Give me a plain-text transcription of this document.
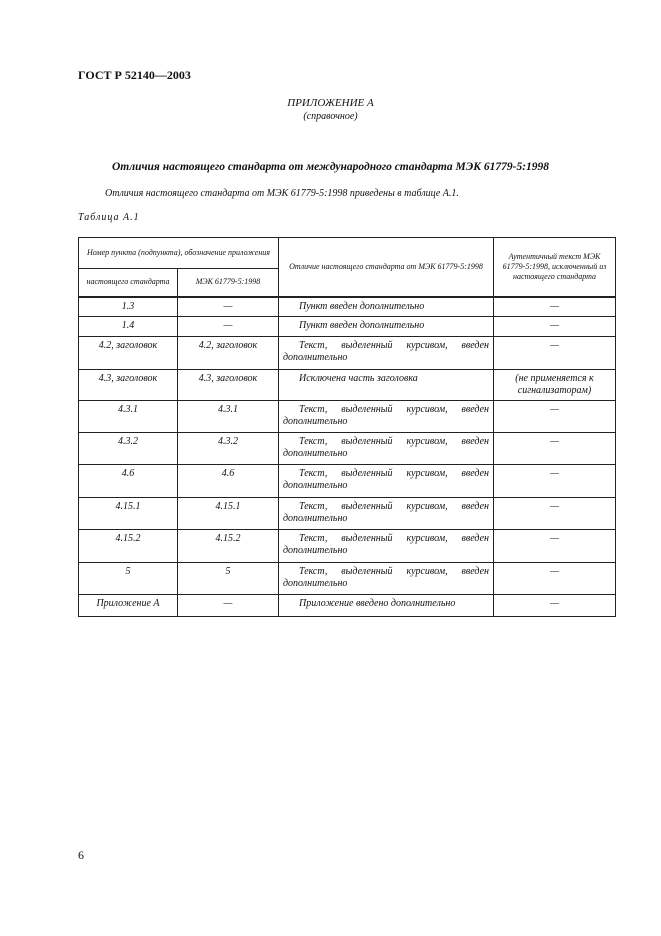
ГОСТ Р 52140—2003
ПРИЛОЖЕНИЕ А
(справочное)
Отличия настоящего стандарта от международного стандарта МЭК 61779-5:1998
Отличия настоящего стандарта от МЭК 61779-5:1998 приведены в таблице А.1.
Таблица А.1
Номер пункта (подпункта), обозначение приложения		Отличие настоящего стандарта от МЭК 61779-5:1998	Аутентичный текст МЭК 61779-5:1998, исключенный из настоящего стандарта
настоящего стандарта	МЭК 61779-5:1998		
1.3	—	Пункт введен дополнительно	—
1.4	—	Пункт введен дополнительно	—
4.2, заголовок	4.2, заголовок	Текст, выделенный курсивом, введен дополнительно	—
4.3, заголовок	4.3, заголовок	Исключена часть заголовка	(не применяется к сигнализаторам)
4.3.1	4.3.1	Текст, выделенный курсивом, введен дополнительно	—
4.3.2	4.3.2	Текст, выделенный курсивом, введен дополнительно	—
4.6	4.6	Текст, выделенный курсивом, введен дополнительно	—
4.15.1	4.15.1	Текст, выделенный курсивом, введен дополнительно	—
4.15.2	4.15.2	Текст, выделенный курсивом, введен дополнительно	—
5	5	Текст, выделенный курсивом, введен дополнительно	—
Приложение А	—	Приложение введено дополнительно	—
6
